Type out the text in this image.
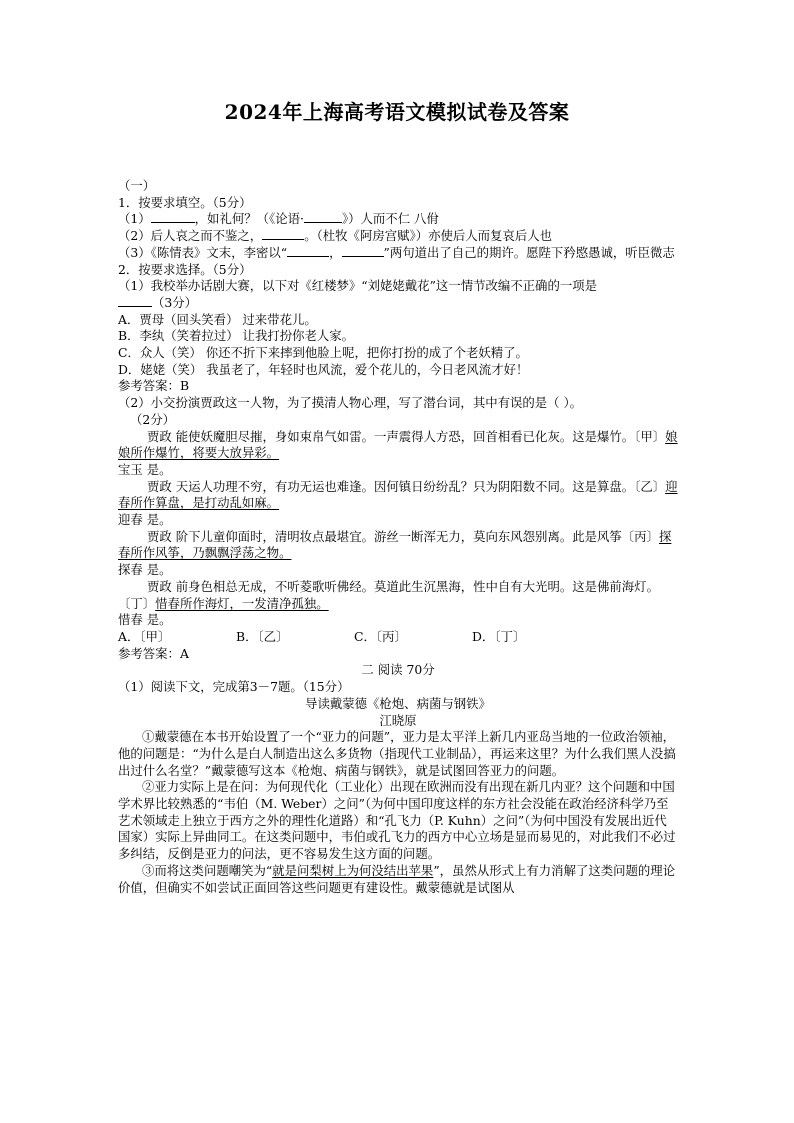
2024年上海高考语文模拟试卷及答案

（一）

1．按要求填空。（5分）

（1）	，如礼何？（《论语·	》）人而不仁 八佾

（2）后人哀之而不鉴之，	。（杜牧《阿房宫赋》）亦使后人而复哀后人也

（3）《陈情表》文末，李密以“	，	”两句道出了自己的期许。愿陛下矜愍愚诚，听臣微志

2．按要求选择。（5分）

（1）我校举办话剧大赛，以下对《红楼梦》“刘姥姥戴花”这一情节改编不正确的一项是
（3分）

A．贾母（回头笑看） 过来带花儿。

B．李纨（笑着拉过） 让我打扮你老人家。

C．众人（笑） 你还不折下来摔到他脸上呢，把你打扮的成了个老妖精了。

D．姥姥（笑） 我虽老了，年轻时也风流，爱个花儿的，今日老风流才好！

参考答案：B

（2）小交扮演贾政这一人物，为了摸清人物心理，写了潜台词，其中有误的是（ ）。

（2分）

贾政 能使妖魔胆尽摧，身如束帛气如雷。一声震得人方恐，回首相看已化灰。这是爆竹。〔甲〕娘娘所作爆竹，将要大放异彩。

宝玉 是。

贾政 天运人功理不穷，有功无运也难逢。因何镇日纷纷乱？只为阴阳数不同。这是算盘。〔乙〕迎春所作算盘，是打动乱如麻。

迎春 是。

贾政 阶下儿童仰面时，清明妆点最堪宜。游丝一断浑无力，莫向东风怨别离。此是风筝〔丙〕探春所作风筝，乃飘飘浮荡之物。

探春 是。

贾政 前身色相总无成，不听菱歌听佛经。莫道此生沉黑海，性中自有大光明。这是佛前海灯。〔丁〕惜春所作海灯，一发清净孤独。

惜春 是。

A．〔甲〕	B．〔乙〕	C．〔丙〕	D．〔丁〕

参考答案：A

二 阅读 70分

（1）阅读下文，完成第3－7题。（15分）

导读戴蒙德《枪炮、病菌与钢铁》

江晓原

①戴蒙德在本书开始设置了一个“亚力的问题”，亚力是太平洋上新几内亚岛当地的一位政治领袖，他的问题是：“为什么是白人制造出这么多货物（指现代工业制品），再运来这里？为什么我们黑人没搞出过什么名堂？”戴蒙德写这本《枪炮、病菌与钢铁》，就是试图回答亚力的问题。

②亚力实际上是在问：为何现代化（工业化）出现在欧洲而没有出现在新几内亚？这个问题和中国学术界比较熟悉的“韦伯（M. Weber）之问”（为何中国印度这样的东方社会没能在政治经济科学乃至艺术领域走上独立于西方之外的理性化道路）和“孔飞力（P. Kuhn）之问”（为何中国没有发展出近代国家）实际上异曲同工。在这类问题中，韦伯或孔飞力的西方中心立场是显而易见的，对此我们不必过多纠结，反倒是亚力的问法，更不容易发生这方面的问题。

③而将这类问题嘲笑为“就是问梨树上为何没结出苹果”，虽然从形式上有力消解了这类问题的理论价值，但确实不如尝试正面回答这些问题更有建设性。戴蒙德就是试图从
